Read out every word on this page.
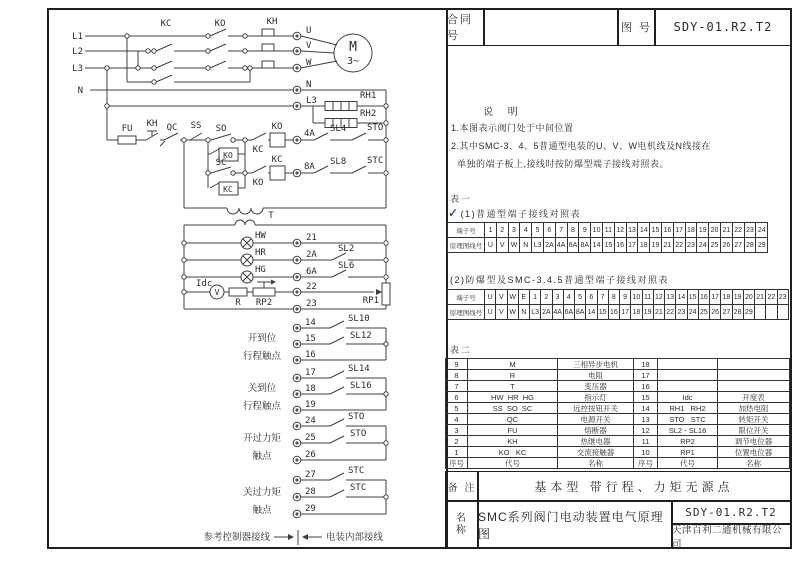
L1
L2
L3
N
KC	KO	KH
U
V
W
N
L3
M
3~
RH1
RH2
FU KH QC SS SO
KO
SC
KC
KC
KO
4A SL4 STO
KO
KC
8A SL8 STC
T
HW
HR
HG
21
2A
6A
SL2
SL6
Idc
V
R RP2
22
23	RP1
14
15
16
SL10
SL12
开到位
行程触点
17
18
19
SL14
SL16
关到位
行程触点
24
25
26
STO
STO
开过力矩
触点
27
28
29
STC
STC
关过力矩
触点
参考控制器接线	电装内部接线
合同号
图 号 SDY-01.R2.T2
说 明
1.本图表示阀门处于中间位置
2.其中SMC-3、4、5普通型电装的U、V、W电机线及N线接在
单独的端子板上,接线时按防爆型端子接线对照表。
表一
✓(1)普通型端子接线对照表
端子号	1	2	3	4	5	6	7	8	9 10 11 12 13 14 15 16 17 18 19 20 21 22 23 24
原理图线号 U V W N L3 2A 4A 6A 8A 14 15 16 17 18 19 21 22 23 24 25 26 27 28 29
(2)防爆型及SMC-3.4.5普通型端子接线对照表
端子号	U V W E 1	2	3	4	5	6	7	8	9 10 11 12 13 14 15 16 17 18 19 20 21 22 23
原理图线号 U V W N L3 2A 4A 6A 8A 14 15 16 17 18 19 21 22 23 24 25 26 27 28 29
表二
9	M	三相异步电机	18
8	R	电阻	17
7	T	变压器	16
6	HW  HR  HG	指示灯	15	Idc	开度表
5	SS  SO  SC	远控按钮开关	14	RH1   RH2	加热电阻
4	QC	电源开关	13	STO   STC	转矩开关
3	FU	熔断器	12	SL2 - SL16	限位开关
2	KH	热继电器	11	RP2	调节电位器
1	KO   KC	交流接触器	10	RP1	位置电位器
序号	代号	名称	序号	代号	名称
备 注	基本型 带行程、力矩无源点
名
称
SMC系列阀门电动装置电气原理图
SDY-01.R2.T2
天津百利二通机械有限公司
